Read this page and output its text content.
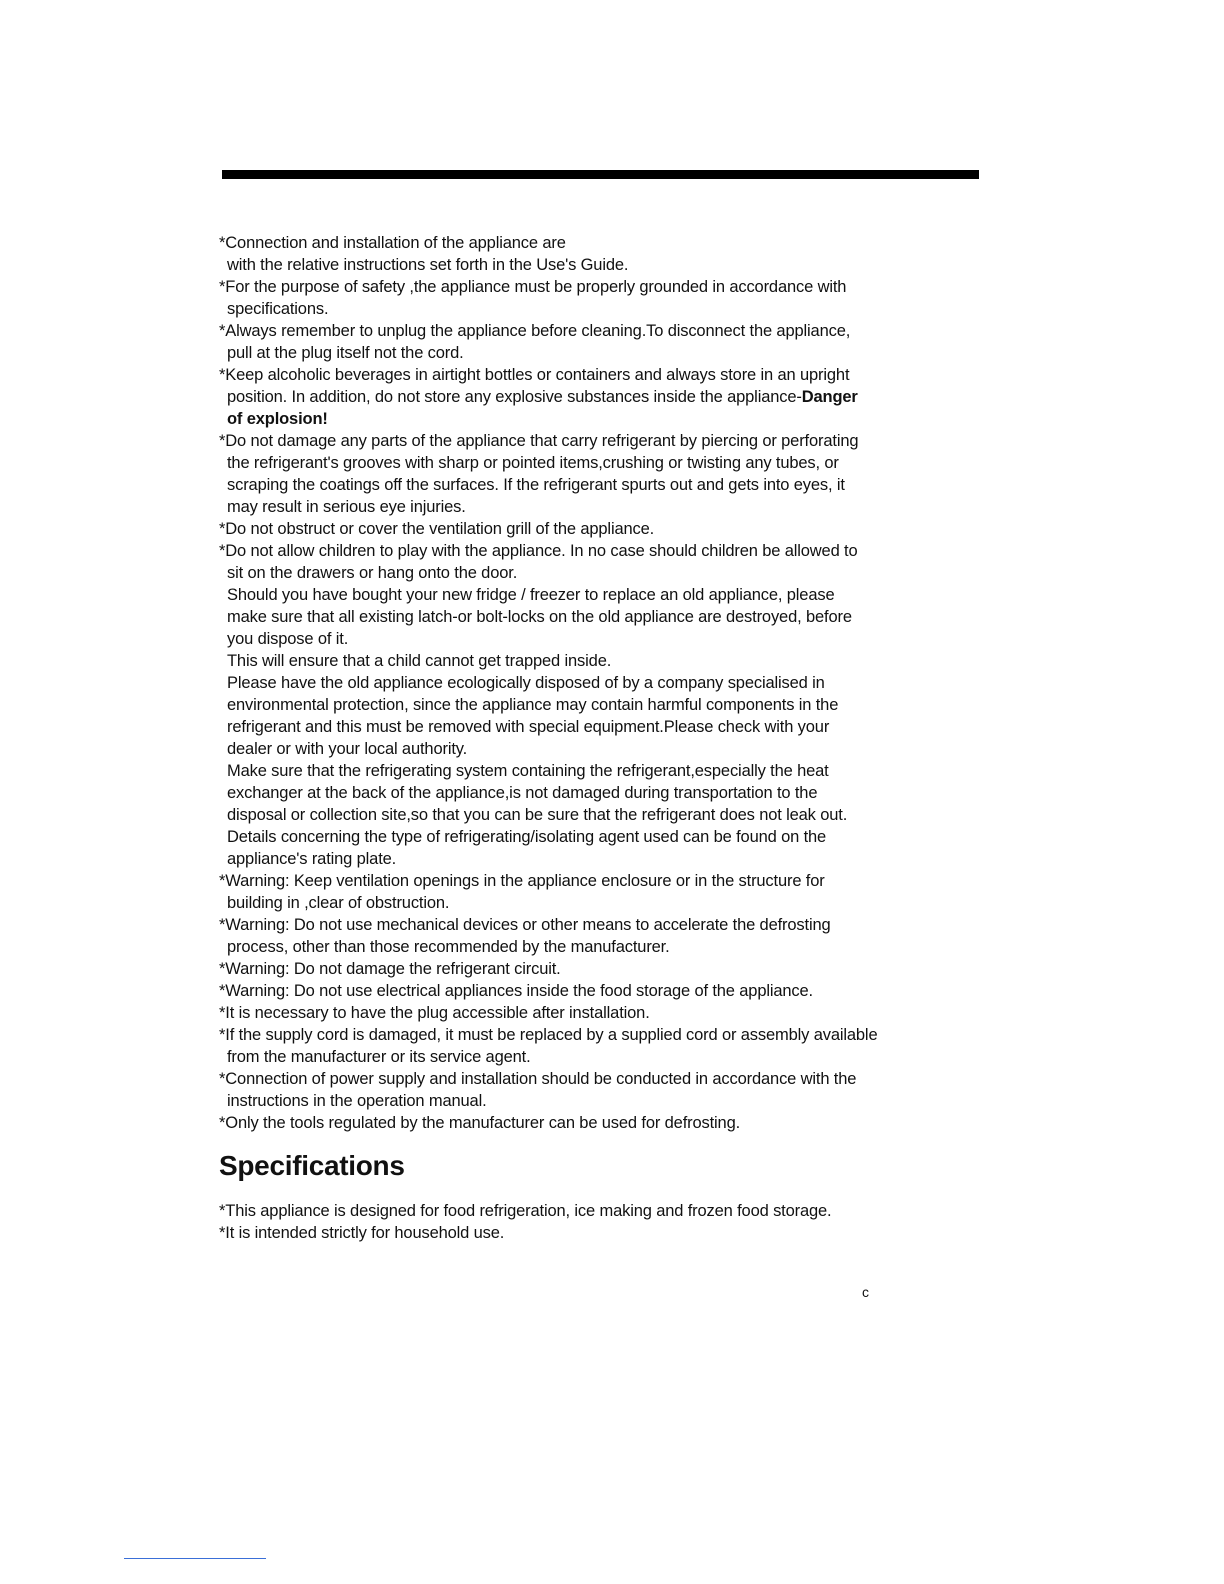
*Connection and installation of the appliance are
with the relative instructions set forth in the Use's Guide.
*For the purpose of safety ,the appliance must be properly grounded in accordance with
specifications.
*Always remember to unplug the appliance before cleaning.To disconnect the appliance,
pull at the plug itself not the cord.
*Keep alcoholic beverages in airtight bottles or containers and always store in an upright
position. In addition, do not store any explosive substances inside the appliance-Danger
of explosion!
*Do not damage any parts of the appliance that carry refrigerant by piercing or perforating
the refrigerant's grooves with sharp or pointed items,crushing or twisting any tubes, or
scraping the coatings off the surfaces. If the refrigerant spurts out and gets into eyes, it
may result in serious eye injuries.
*Do not obstruct or cover the ventilation grill of the appliance.
*Do not allow children to play with the appliance. In no case should children be allowed to
sit on the drawers or hang onto the door.
Should you have bought your new fridge / freezer to replace an old appliance, please
make sure that all existing latch-or bolt-locks on the old appliance are destroyed, before
you dispose of it.
This will ensure that a child cannot get trapped inside.
Please have the old appliance ecologically disposed of by a company specialised in
environmental protection, since the appliance may contain harmful components in the
refrigerant and this must be removed with special equipment.Please check with your
dealer or with your local authority.
Make sure that the refrigerating system containing the refrigerant,especially the heat
exchanger at the back of the appliance,is not damaged during transportation to the
disposal or collection site,so that you can be sure that the refrigerant does not leak out.
Details concerning the type of refrigerating/isolating agent used can be found on the
appliance's rating plate.
*Warning: Keep ventilation openings in the appliance enclosure or in the structure for
building in ,clear of obstruction.
*Warning: Do not use mechanical devices or other means to accelerate the defrosting
process, other than those recommended by the manufacturer.
*Warning: Do not damage the refrigerant circuit.
*Warning: Do not use electrical appliances inside the food storage of the appliance.
*It is necessary to have the plug accessible after installation.
*If the supply cord is damaged, it must be replaced by a supplied cord or assembly available
from the manufacturer or its service agent.
*Connection of power supply and installation should be conducted in accordance with the
instructions in the operation manual.
*Only the tools regulated by the manufacturer can be used for defrosting.
Specifications
*This appliance is designed for food refrigeration, ice making and frozen food storage.
*It is intended strictly for household use.
c
